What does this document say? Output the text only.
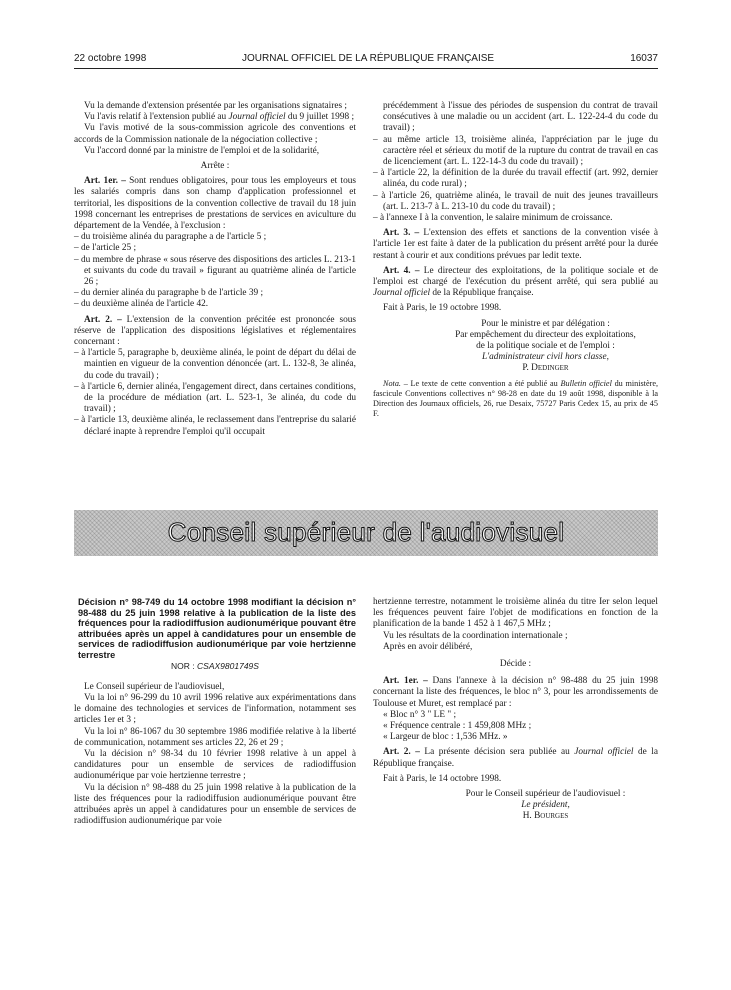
22 octobre 1998	JOURNAL OFFICIEL DE LA RÉPUBLIQUE FRANÇAISE	16037

Vu la demande d'extension présentée par les organisations signataires ;

Vu l'avis relatif à l'extension publié au Journal officiel du 9 juillet 1998 ;

Vu l'avis motivé de la sous-commission agricole des conventions et accords de la Commission nationale de la négociation collective ;

Vu l'accord donné par la ministre de l'emploi et de la solidarité,

Arrête :

Art. 1er. – Sont rendues obligatoires, pour tous les employeurs et tous les salariés compris dans son champ d'application professionnel et territorial, les dispositions de la convention collective de travail du 18 juin 1998 concernant les entreprises de prestations de services en aviculture du département de la Vendée, à l'exclusion :

– du troisième alinéa du paragraphe a de l'article 5 ;

– de l'article 25 ;

– du membre de phrase « sous réserve des dispositions des articles L. 213-1 et suivants du code du travail » figurant au quatrième alinéa de l'article 26 ;

– du dernier alinéa du paragraphe b de l'article 39 ;

– du deuxième alinéa de l'article 42.

Art. 2. – L'extension de la convention précitée est prononcée sous réserve de l'application des dispositions législatives et réglementaires concernant :

– à l'article 5, paragraphe b, deuxième alinéa, le point de départ du délai de maintien en vigueur de la convention dénoncée (art. L. 132-8, 3e alinéa, du code du travail) ;

– à l'article 6, dernier alinéa, l'engagement direct, dans certaines conditions, de la procédure de médiation (art. L. 523-1, 3e alinéa, du code du travail) ;

– à l'article 13, deuxième alinéa, le reclassement dans l'entreprise du salarié déclaré inapte à reprendre l'emploi qu'il occupait

précédemment à l'issue des périodes de suspension du contrat de travail consécutives à une maladie ou un accident (art. L. 122-24-4 du code du travail) ;

– au même article 13, troisième alinéa, l'appréciation par le juge du caractère réel et sérieux du motif de la rupture du contrat de travail en cas de licenciement (art. L. 122-14-3 du code du travail) ;

– à l'article 22, la définition de la durée du travail effectif (art. 992, dernier alinéa, du code rural) ;

– à l'article 26, quatrième alinéa, le travail de nuit des jeunes travailleurs (art. L. 213-7 à L. 213-10 du code du travail) ;

– à l'annexe I à la convention, le salaire minimum de croissance.

Art. 3. – L'extension des effets et sanctions de la convention visée à l'article 1er est faite à dater de la publication du présent arrêté pour la durée restant à courir et aux conditions prévues par ledit texte.

Art. 4. – Le directeur des exploitations, de la politique sociale et de l'emploi est chargé de l'exécution du présent arrêté, qui sera publié au Journal officiel de la République française.

Fait à Paris, le 19 octobre 1998.

Pour le ministre et par délégation :

Par empêchement du directeur des exploitations,

de la politique sociale et de l'emploi :

L'administrateur civil hors classe,

P. Dedinger

Nota. – Le texte de cette convention a été publié au Bulletin officiel du ministère, fascicule Conventions collectives n° 98-28 en date du 19 août 1998, disponible à la Direction des Journaux officiels, 26, rue Desaix, 75727 Paris Cedex 15, au prix de 45 F.

Conseil supérieur de l'audiovisuel

Décision n° 98-749 du 14 octobre 1998 modifiant la décision n° 98-488 du 25 juin 1998 relative à la publication de la liste des fréquences pour la radiodiffusion audionumérique pouvant être attribuées après un appel à candidatures pour un ensemble de services de radiodiffusion audionumérique par voie hertzienne terrestre

NOR : CSAX9801749S

Le Conseil supérieur de l'audiovisuel,

Vu la loi n° 96-299 du 10 avril 1996 relative aux expérimentations dans le domaine des technologies et services de l'information, notamment ses articles 1er et 3 ;

Vu la loi n° 86-1067 du 30 septembre 1986 modifiée relative à la liberté de communication, notamment ses articles 22, 26 et 29 ;

Vu la décision n° 98-34 du 10 février 1998 relative à un appel à candidatures pour un ensemble de services de radiodiffusion audionumérique par voie hertzienne terrestre ;

Vu la décision n° 98-488 du 25 juin 1998 relative à la publication de la liste des fréquences pour la radiodiffusion audionumérique pouvant être attribuées après un appel à candidatures pour un ensemble de services de radiodiffusion audionumérique par voie

hertzienne terrestre, notamment le troisième alinéa du titre Ier selon lequel les fréquences peuvent faire l'objet de modifications en fonction de la planification de la bande 1 452 à 1 467,5 MHz ;

Vu les résultats de la coordination internationale ;

Après en avoir délibéré,

Décide :

Art. 1er. – Dans l'annexe à la décision n° 98-488 du 25 juin 1998 concernant la liste des fréquences, le bloc n° 3, pour les arrondissements de Toulouse et Muret, est remplacé par :

« Bloc n° 3 " LE " ;

« Fréquence centrale : 1 459,808 MHz ;

« Largeur de bloc : 1,536 MHz. »

Art. 2. – La présente décision sera publiée au Journal officiel de la République française.

Fait à Paris, le 14 octobre 1998.

Pour le Conseil supérieur de l'audiovisuel :

Le président,

H. Bourges
